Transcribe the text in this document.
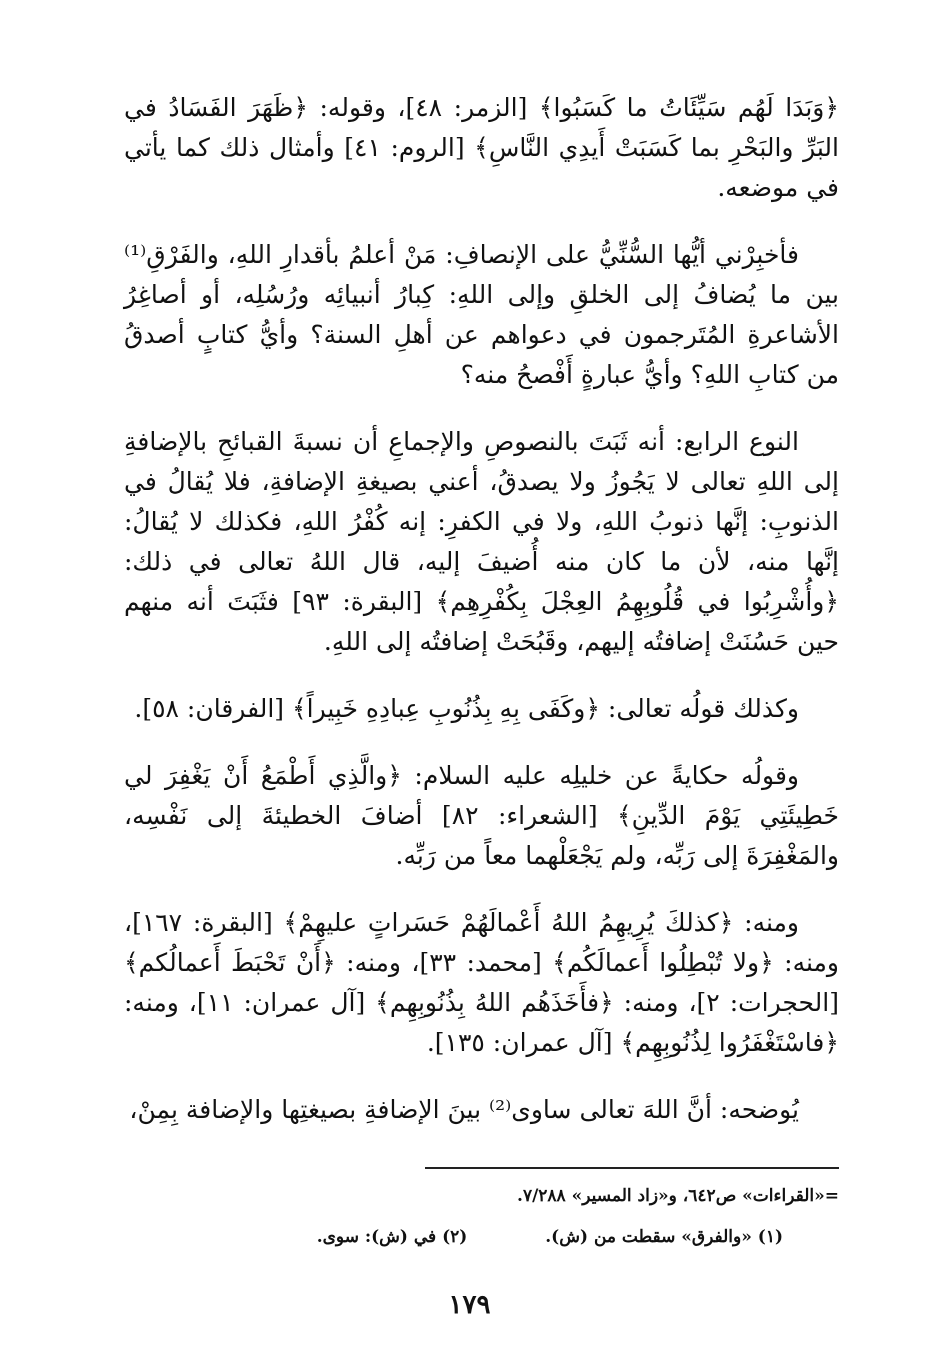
﴿وَبَدَا لَهُم سَيِّئَاتُ ما كَسَبُوا﴾ [الزمر: ٤٨]، وقوله: ﴿ظَهَرَ الفَسَادُ في البَرِّ والبَحْرِ بما كَسَبَتْ أَيدِي النَّاسِ﴾ [الروم: ٤١] وأمثال ذلك كما يأتي في موضعه.

فأخبِرْني أيُّها السُّنِّيُّ على الإنصافِ: مَنْ أعلمُ بأقدارِ اللهِ، والفَرْقِ⁽¹⁾ بين ما يُضافُ إلى الخلقِ وإلى اللهِ: كِبارُ أنبيائِه ورُسُلِه، أو أصاغِرُ الأشاعرةِ المُتَرجمون في دعواهم عن أهلِ السنة؟ وأيُّ كتابٍ أصدقُ من كتابِ اللهِ؟ وأيُّ عبارةٍ أَفْصحُ منه؟

النوع الرابع: أنه ثَبَتَ بالنصوصِ والإجماعِ أن نسبةَ القبائحِ بالإضافةِ إلى اللهِ تعالى لا يَجُوزُ ولا يصدقُ، أعني بصيغةِ الإضافةِ، فلا يُقالُ في الذنوبِ: إنَّها ذنوبُ اللهِ، ولا في الكفرِ: إنه كُفْرُ اللهِ، فكذلك لا يُقالُ: إنَّها منه، لأن ما كان منه أُضيفَ إليه، قال اللهُ تعالى في ذلك: ﴿وأُشْرِبُوا في قُلُوبِهِمُ العِجْلَ بِكُفْرِهِم﴾ [البقرة: ٩٣] فثَبَتَ أنه منهم حين حَسُنَتْ إضافتُه إليهم، وقَبُحَتْ إضافتُه إلى اللهِ.

وكذلك قولُه تعالى: ﴿وكَفَى بِهِ بِذُنُوبِ عِبادِهِ خَبِيراً﴾ [الفرقان: ٥٨].

وقولُه حكايةً عن خليلِه عليه السلام: ﴿والَّذِي أَطْمَعُ أَنْ يَغْفِرَ لي خَطِيئَتِي يَوْمَ الدِّينِ﴾ [الشعراء: ٨٢] أضافَ الخطيئةَ إلى نَفْسِه، والمَغْفِرَةَ إلى رَبِّه، ولم يَجْعَلْهما معاً من رَبِّه.

ومنه: ﴿كذلكَ يُرِيهِمُ اللهُ أَعْمالَهُمْ حَسَراتٍ عليهِمْ﴾ [البقرة: ١٦٧]، ومنه: ﴿ولا تُبْطِلُوا أَعمالَكُم﴾ [محمد: ٣٣]، ومنه: ﴿أَنْ تَحْبَطَ أَعمالُكم﴾ [الحجرات: ٢]، ومنه: ﴿فأَخَذَهُم اللهُ بِذُنُوبِهِم﴾ [آل عمران: ١١]، ومنه: ﴿فاسْتَغْفَرُوا لِذُنُوبِهِم﴾ [آل عمران: ١٣٥].

يُوضحه: أنَّ اللهَ تعالى ساوى⁽²⁾ بينَ الإضافةِ بصيغتِها والإضافة بِمِنْ،

=«القراءات» ص٦٤٢، و«زاد المسير» ٧/٢٨٨.
(١) «والفرق» سقطت من (ش). (٢) في (ش): سوى.
١٧٩
